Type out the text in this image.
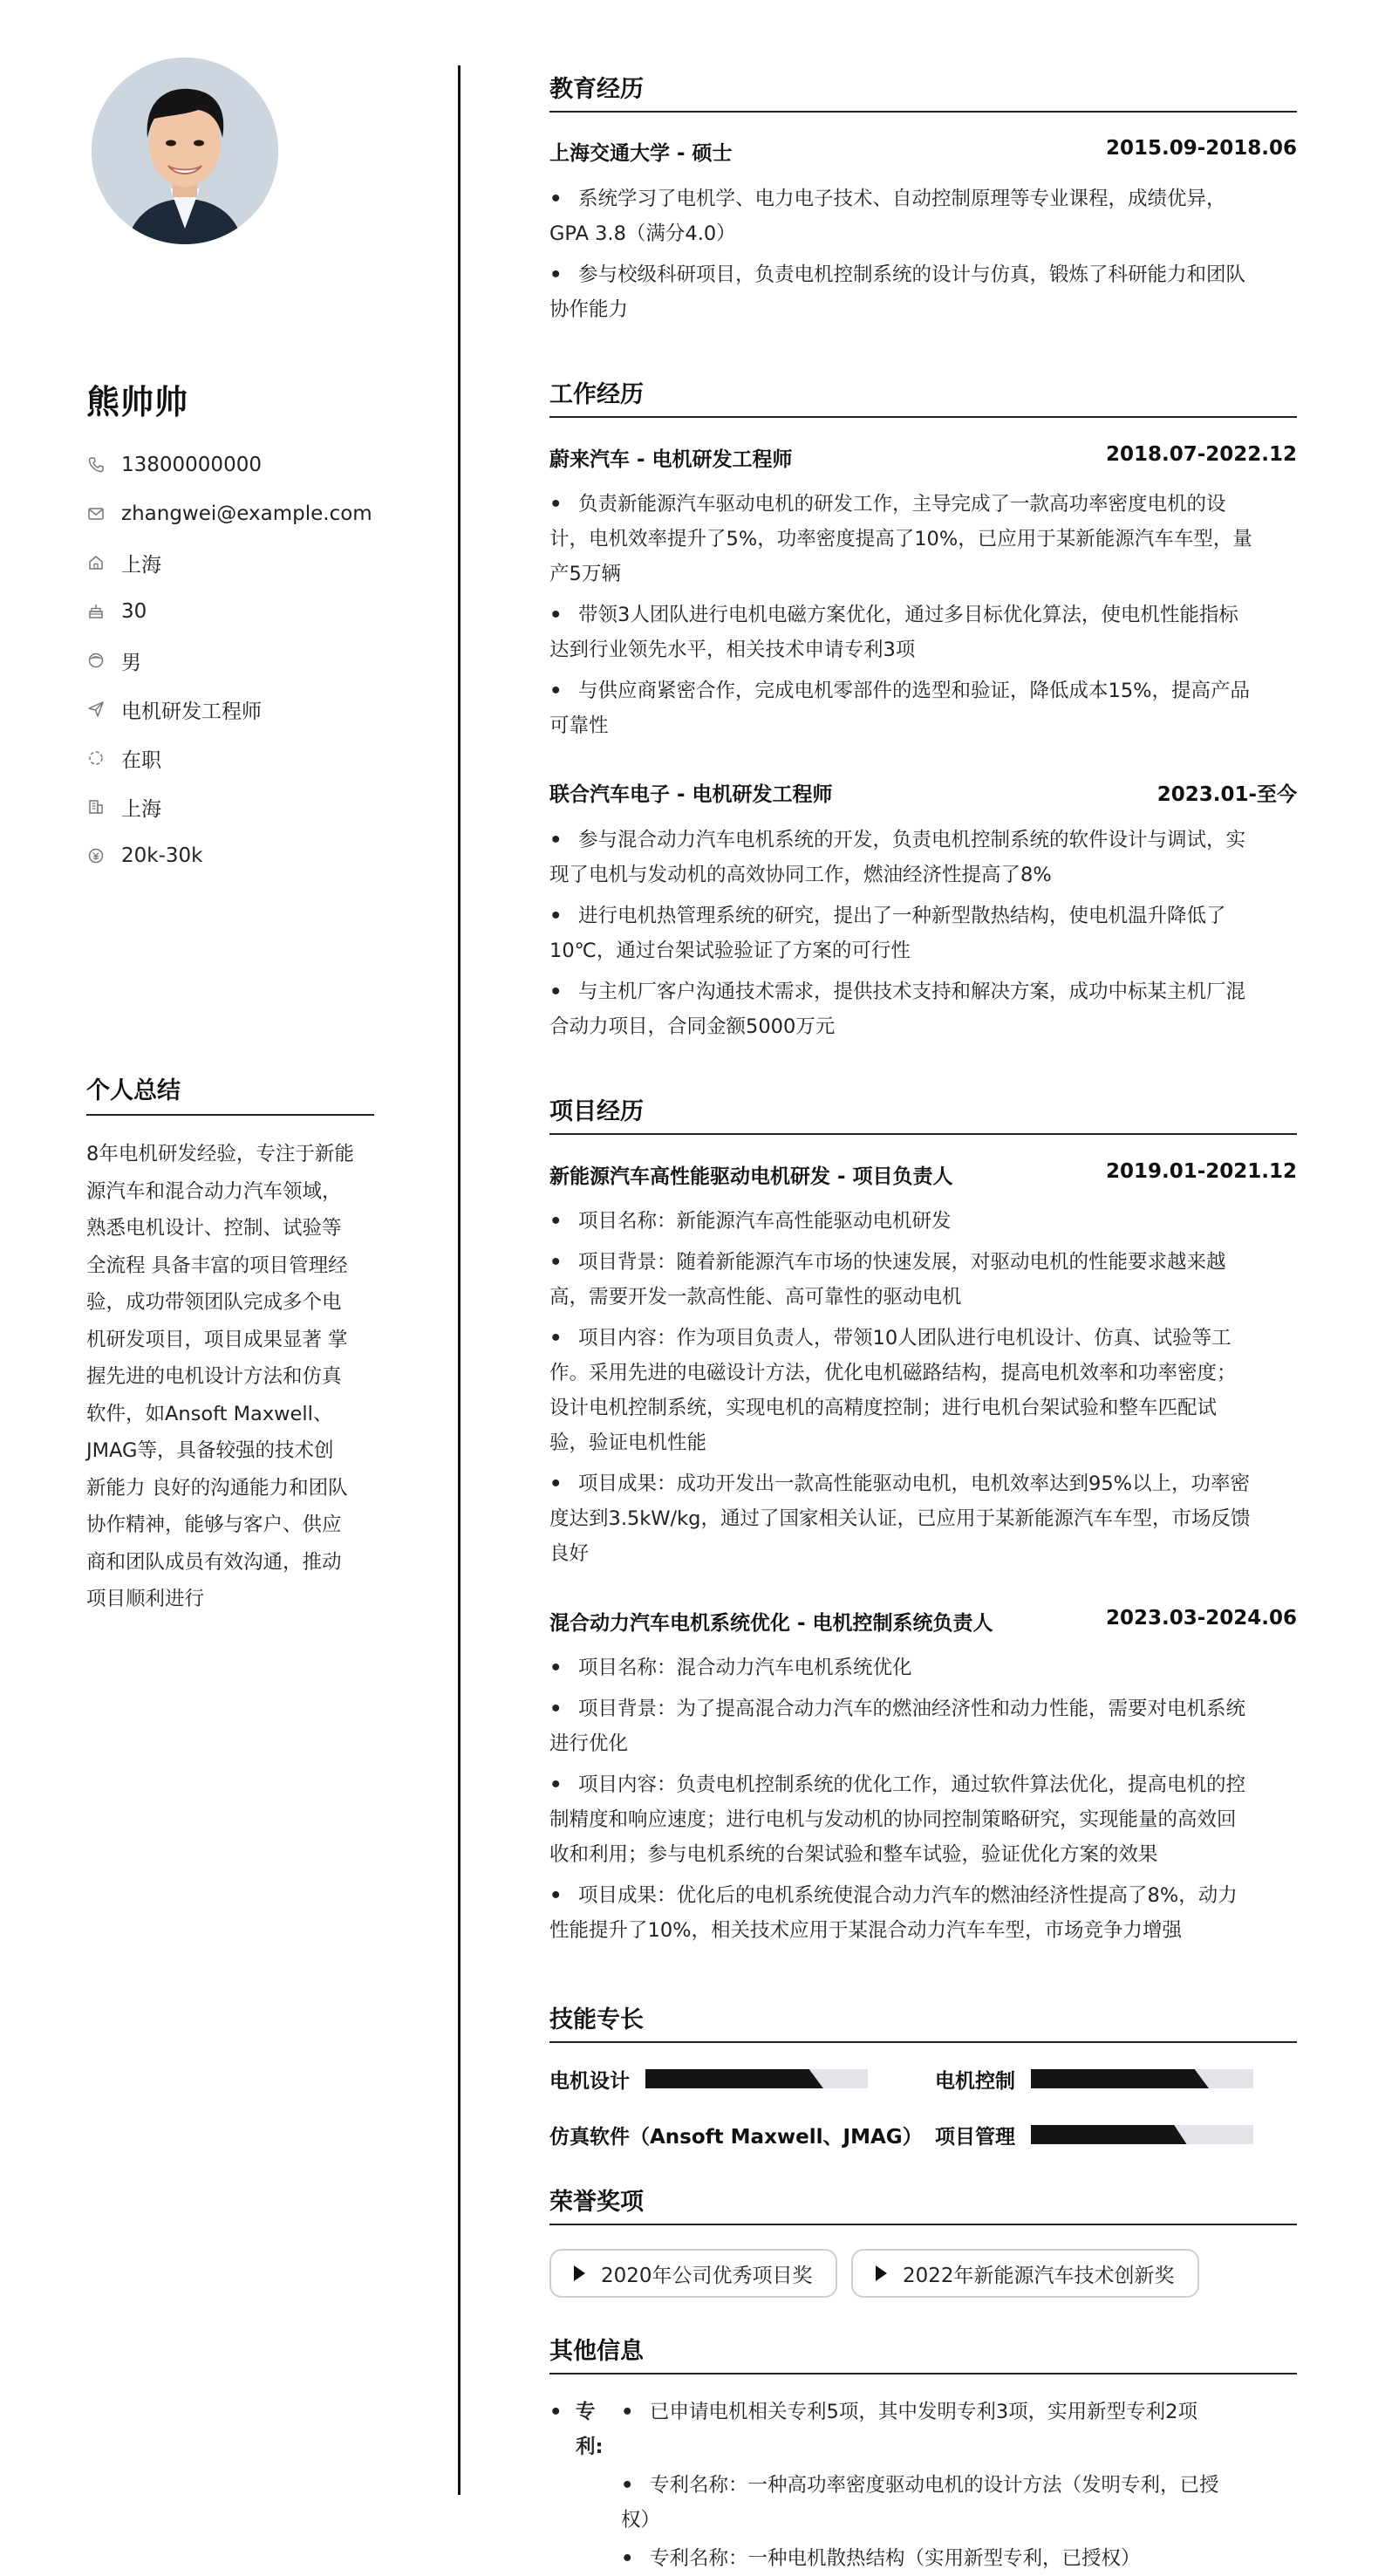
熊帅帅
13800000000
zhangwei@example.com
上海
30
男
电机研发工程师
在职
上海
20k-30k
个人总结
8年电机研发经验，专注于新能
源汽车和混合动力汽车领域，
熟悉电机设计、控制、试验等
全流程 具备丰富的项目管理经
验，成功带领团队完成多个电
机研发项目，项目成果显著 掌
握先进的电机设计方法和仿真
软件，如Ansoft Maxwell、
JMAG等，具备较强的技术创
新能力 良好的沟通能力和团队
协作精神，能够与客户、供应
商和团队成员有效沟通，推动
项目顺利进行
教育经历
上海交通大学 - 硕士	2015.09-2018.06
• 系统学习了电机学、电力电子技术、自动控制原理等专业课程，成绩优异，
GPA 3.8（满分4.0）
• 参与校级科研项目，负责电机控制系统的设计与仿真，锻炼了科研能力和团队
协作能力
工作经历
蔚来汽车 - 电机研发工程师	2018.07-2022.12
• 负责新能源汽车驱动电机的研发工作，主导完成了一款高功率密度电机的设
计，电机效率提升了5%，功率密度提高了10%，已应用于某新能源汽车车型，量
产5万辆
• 带领3人团队进行电机电磁方案优化，通过多目标优化算法，使电机性能指标
达到行业领先水平，相关技术申请专利3项
• 与供应商紧密合作，完成电机零部件的选型和验证，降低成本15%，提高产品
可靠性
联合汽车电子 - 电机研发工程师	2023.01-至今
• 参与混合动力汽车电机系统的开发，负责电机控制系统的软件设计与调试，实
现了电机与发动机的高效协同工作，燃油经济性提高了8%
• 进行电机热管理系统的研究，提出了一种新型散热结构，使电机温升降低了
10℃，通过台架试验验证了方案的可行性
• 与主机厂客户沟通技术需求，提供技术支持和解决方案，成功中标某主机厂混
合动力项目，合同金额5000万元
项目经历
新能源汽车高性能驱动电机研发 - 项目负责人	2019.01-2021.12
• 项目名称：新能源汽车高性能驱动电机研发
• 项目背景：随着新能源汽车市场的快速发展，对驱动电机的性能要求越来越
高，需要开发一款高性能、高可靠性的驱动电机
• 项目内容：作为项目负责人，带领10人团队进行电机设计、仿真、试验等工
作。采用先进的电磁设计方法，优化电机磁路结构，提高电机效率和功率密度；
设计电机控制系统，实现电机的高精度控制；进行电机台架试验和整车匹配试
验，验证电机性能
• 项目成果：成功开发出一款高性能驱动电机，电机效率达到95%以上，功率密
度达到3.5kW/kg，通过了国家相关认证，已应用于某新能源汽车车型，市场反馈
良好
混合动力汽车电机系统优化 - 电机控制系统负责人	2023.03-2024.06
• 项目名称：混合动力汽车电机系统优化
• 项目背景：为了提高混合动力汽车的燃油经济性和动力性能，需要对电机系统
进行优化
• 项目内容：负责电机控制系统的优化工作，通过软件算法优化，提高电机的控
制精度和响应速度；进行电机与发动机的协同控制策略研究，实现能量的高效回
收和利用；参与电机系统的台架试验和整车试验，验证优化方案的效果
• 项目成果：优化后的电机系统使混合动力汽车的燃油经济性提高了8%，动力
性能提升了10%，相关技术应用于某混合动力汽车车型，市场竞争力增强
技能专长
电机设计	电机控制
仿真软件（Ansoft Maxwell、JMAG） 项目管理
荣誉奖项
2020年公司优秀项目奖	2022年新能源汽车技术创新奖
其他信息
• 专利:
• 已申请电机相关专利5项，其中发明专利3项，实用新型专利2项
• 专利名称：一种高功率密度驱动电机的设计方法（发明专利，已授
权）
• 专利名称：一种电机散热结构（实用新型专利，已授权）
